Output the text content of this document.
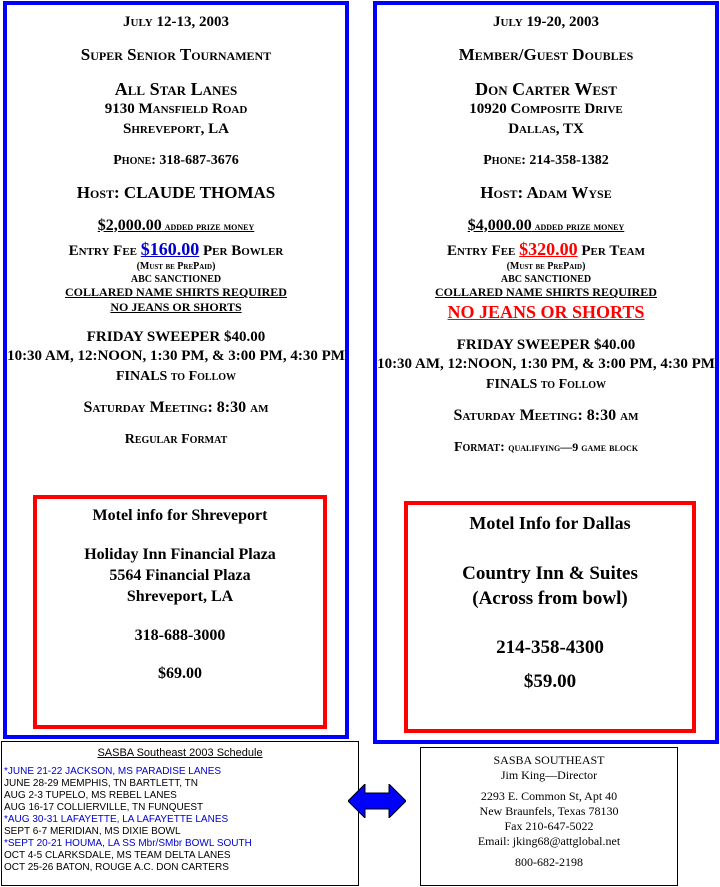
July 12-13, 2003
Super Senior Tournament
All Star Lanes
9130 Mansfield Road
Shreveport, LA
Phone: 318-687-3676
Host: CLAUDE THOMAS
$2,000.00 added prize money
Entry Fee $160.00 Per Bowler
(Must be PrePaid)
ABC SANCTIONED
COLLARED NAME SHIRTS REQUIRED
NO JEANS OR SHORTS
FRIDAY SWEEPER $40.00
10:30 AM, 12:NOON, 1:30 PM, & 3:00 PM, 4:30 PM
FINALS to Follow
Saturday Meeting: 8:30 am
Regular Format
Motel info for Shreveport
Holiday Inn Financial Plaza
5564 Financial Plaza
Shreveport, LA
318-688-3000
$69.00
July 19-20, 2003
Member/Guest Doubles
Don Carter West
10920 Composite Drive
Dallas, TX
Phone: 214-358-1382
Host: Adam Wyse
$4,000.00 added prize money
Entry Fee $320.00 Per Team
(Must be PrePaid)
ABC SANCTIONED
COLLARED NAME SHIRTS REQUIRED
NO JEANS OR SHORTS
FRIDAY SWEEPER $40.00
10:30 AM, 12:NOON, 1:30 PM, & 3:00 PM, 4:30 PM
FINALS to Follow
Saturday Meeting: 8:30 am
Format: qualifying—9 game block
Motel Info for Dallas
Country Inn & Suites
(Across from bowl)
214-358-4300
$59.00
SASBA Southeast 2003 Schedule
*JUNE 21-22 JACKSON, MS PARADISE LANES
JUNE 28-29 MEMPHIS, TN BARTLETT, TN
AUG 2-3 TUPELO, MS REBEL LANES
AUG 16-17 COLLIERVILLE, TN FUNQUEST
*AUG 30-31 LAFAYETTE, LA LAFAYETTE LANES
SEPT 6-7 MERIDIAN, MS DIXIE BOWL
*SEPT 20-21 HOUMA, LA SS Mbr/SMbr BOWL SOUTH
OCT 4-5 CLARKSDALE, MS TEAM DELTA LANES
OCT 25-26 BATON, ROUGE A.C. DON CARTERS
SASBA SOUTHEAST
Jim King—Director
2293 E. Common St, Apt 40
New Braunfels, Texas 78130
Fax 210-647-5022
Email: jking68@attglobal.net
800-682-2198
